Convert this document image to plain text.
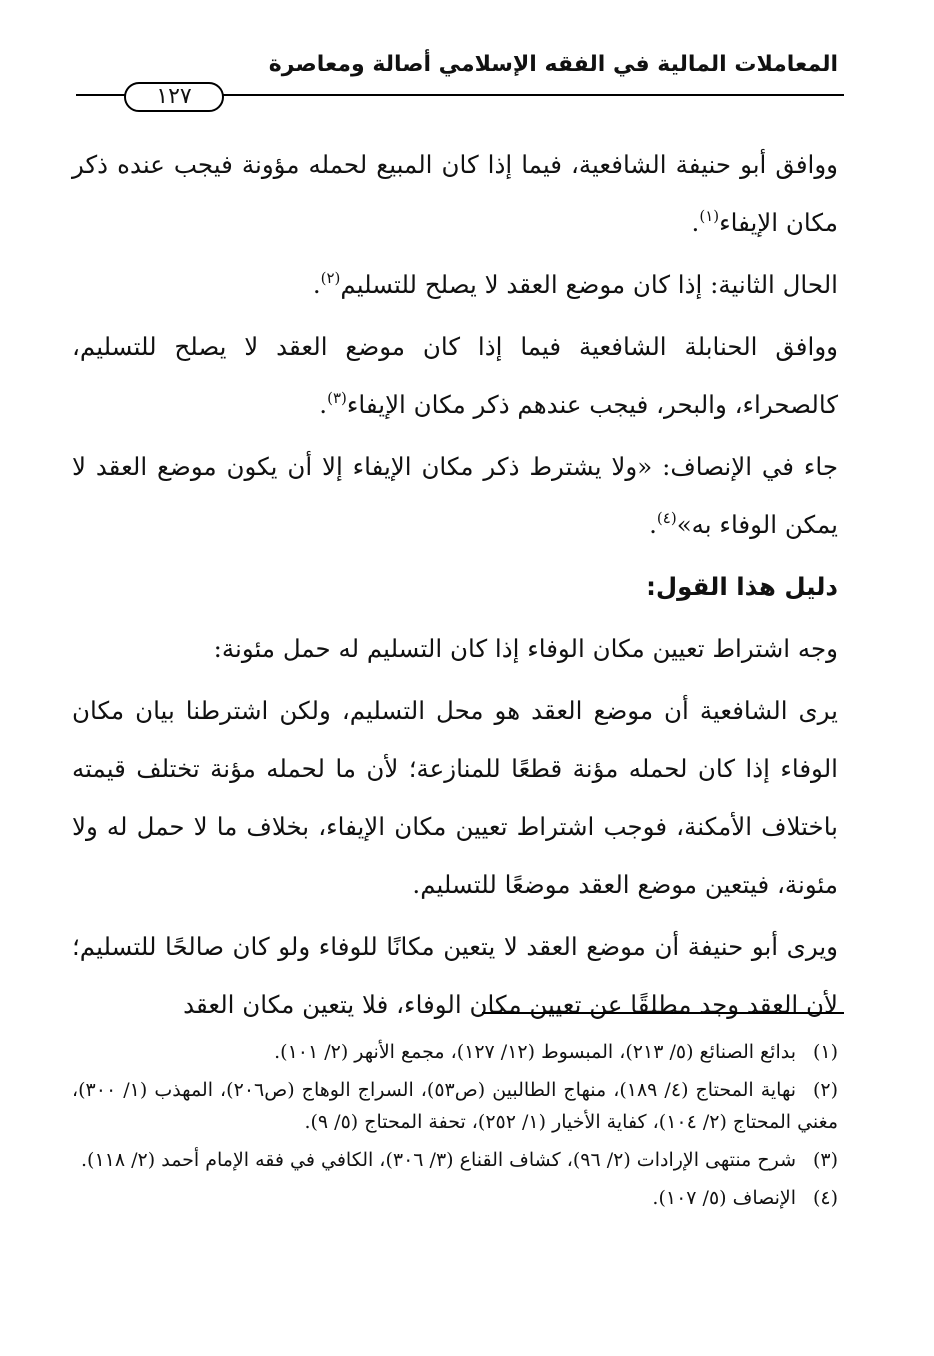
المعاملات المالية في الفقه الإسلامي أصالة ومعاصرة
١٢٧

ووافق أبو حنيفة الشافعية، فيما إذا كان المبيع لحمله مؤونة فيجب عنده ذكر مكان الإيفاء$^{(١)}$.

الحال الثانية: إذا كان موضع العقد لا يصلح للتسليم$^{(٢)}$.

ووافق الحنابلة الشافعية فيما إذا كان موضع العقد لا يصلح للتسليم، كالصحراء، والبحر، فيجب عندهم ذكر مكان الإيفاء$^{(٣)}$.

جاء في الإنصاف: «ولا يشترط ذكر مكان الإيفاء إلا أن يكون موضع العقد لا يمكن الوفاء به»$^{(٤)}$.

دليل هذا القول:

وجه اشتراط تعيين مكان الوفاء إذا كان التسليم له حمل مئونة:

يرى الشافعية أن موضع العقد هو محل التسليم، ولكن اشترطنا بيان مكان الوفاء إذا كان لحمله مؤنة قطعًا للمنازعة؛ لأن ما لحمله مؤنة تختلف قيمته باختلاف الأمكنة، فوجب اشتراط تعيين مكان الإيفاء، بخلاف ما لا حمل له ولا مئونة، فيتعين موضع العقد موضعًا للتسليم.

ويرى أبو حنيفة أن موضع العقد لا يتعين مكانًا للوفاء ولو كان صالحًا للتسليم؛ لأن العقد وجد مطلقًا عن تعيين مكان الوفاء، فلا يتعين مكان العقد

(١)بدائع الصنائع (٥/ ٢١٣)، المبسوط (١٢/ ١٢٧)، مجمع الأنهر (٢/ ١٠١).

(٢)نهاية المحتاج (٤/ ١٨٩)، منهاج الطالبين (ص٥٣)، السراج الوهاج (ص٢٠٦)، المهذب (١/ ٣٠٠)، مغني المحتاج (٢/ ١٠٤)، كفاية الأخيار (١/ ٢٥٢)، تحفة المحتاج (٥/ ٩).

(٣)شرح منتهى الإرادات (٢/ ٩٦)، كشاف القناع (٣/ ٣٠٦)، الكافي في فقه الإمام أحمد (٢/ ١١٨).

(٤)الإنصاف (٥/ ١٠٧).
